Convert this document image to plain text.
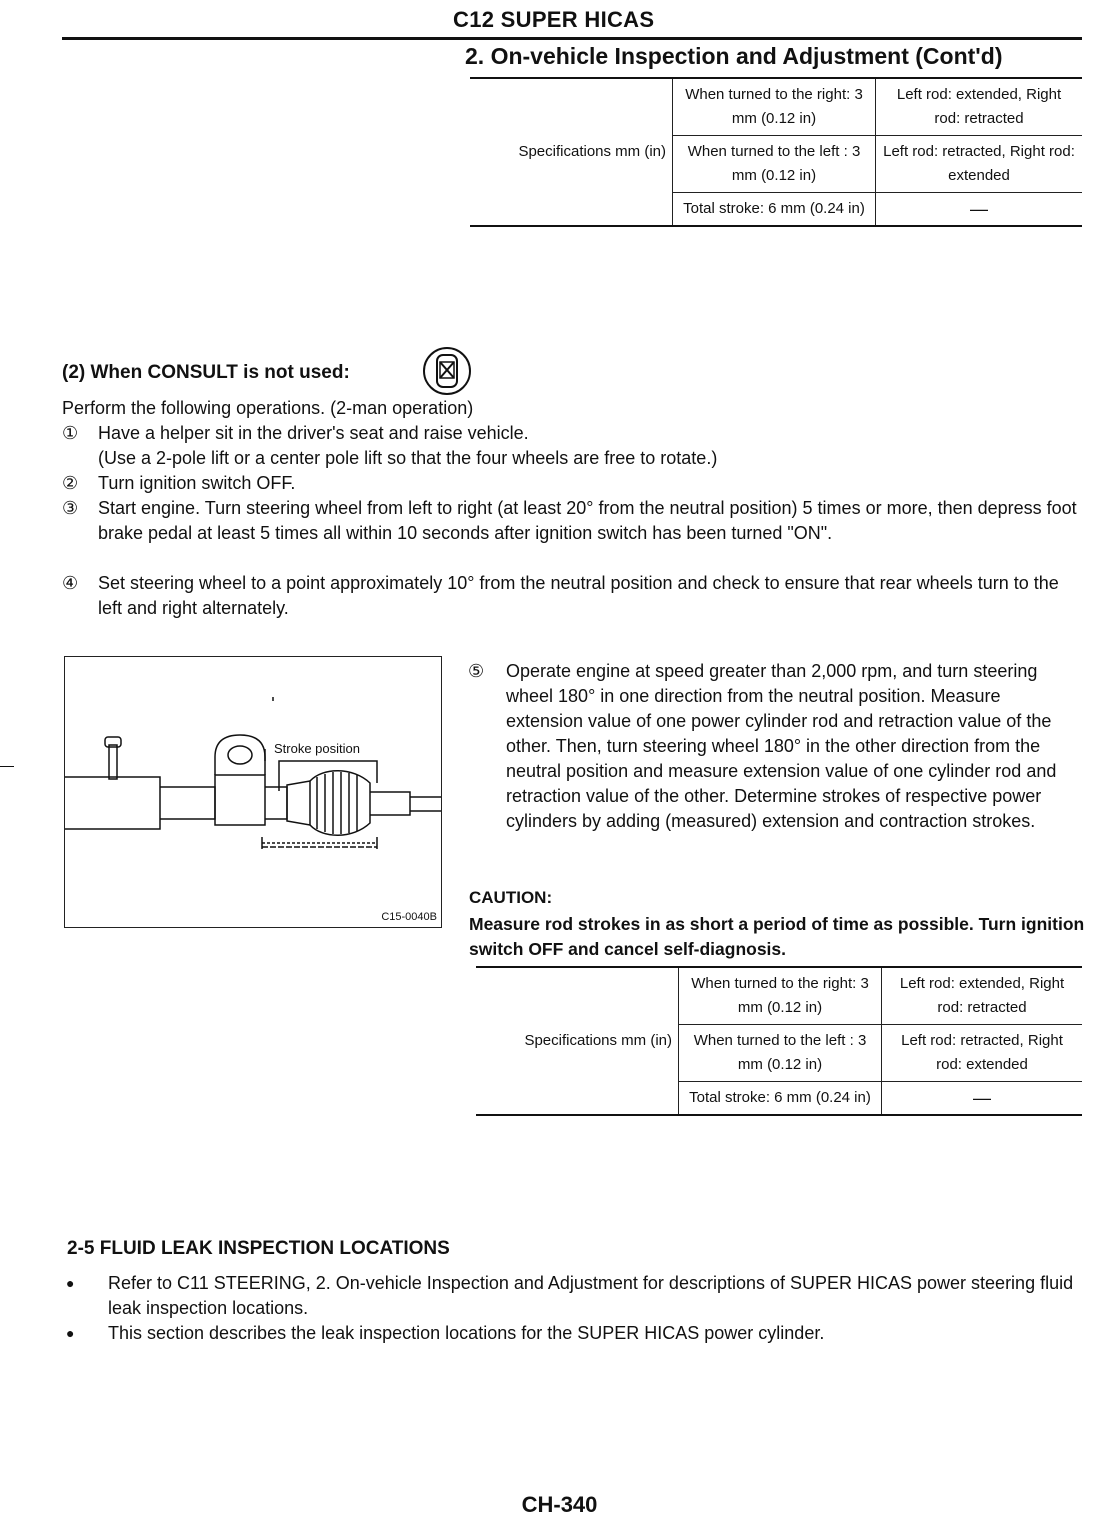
C12 SUPER HICAS
2. On-vehicle Inspection and Adjustment (Cont'd)
Specifications mm (in)	When turned to the right: 3 mm (0.12 in)	Left rod: extended, Right rod: retracted
	When turned to the left : 3 mm (0.12 in)	Left rod: retracted, Right rod: extended
	Total stroke: 6 mm (0.24 in)	—
(2) When CONSULT is not used:
Perform the following operations. (2-man operation)
①	Have a helper sit in the driver's seat and raise vehicle.
(Use a 2-pole lift or a center pole lift so that the four wheels are free to rotate.)
②	Turn ignition switch OFF.
③	Start engine. Turn steering wheel from left to right (at least 20° from the neutral position) 5 times or more, then depress foot brake pedal at least 5 times all within 10 seconds after ignition switch has been turned "ON".
④	Set steering wheel to a point approximately 10° from the neutral position and check to ensure that rear wheels turn to the left and right alternately.
Stroke position
C15-0040B
⑤	Operate engine at speed greater than 2,000 rpm, and turn steering wheel 180° in one direction from the neutral position. Measure extension value of one power cylinder rod and retraction value of the other. Then, turn steering wheel 180° in the other direction from the neutral position and measure extension value of one cylinder rod and retraction value of the other. Determine strokes of respective power cylinders by adding (measured) extension and contraction strokes.
CAUTION:
Measure rod strokes in as short a period of time as possible. Turn ignition switch OFF and cancel self-diagnosis.
Specifications mm (in)	When turned to the right: 3 mm (0.12 in)	Left rod: extended, Right rod: retracted
	When turned to the left : 3 mm (0.12 in)	Left rod: retracted, Right rod: extended
	Total stroke: 6 mm (0.24 in)	—
2-5 FLUID LEAK INSPECTION LOCATIONS
●	Refer to C11 STEERING, 2. On-vehicle Inspection and Adjustment for descriptions of SUPER HICAS power steering fluid leak inspection locations.
●	This section describes the leak inspection locations for the SUPER HICAS power cylinder.
CH-340
